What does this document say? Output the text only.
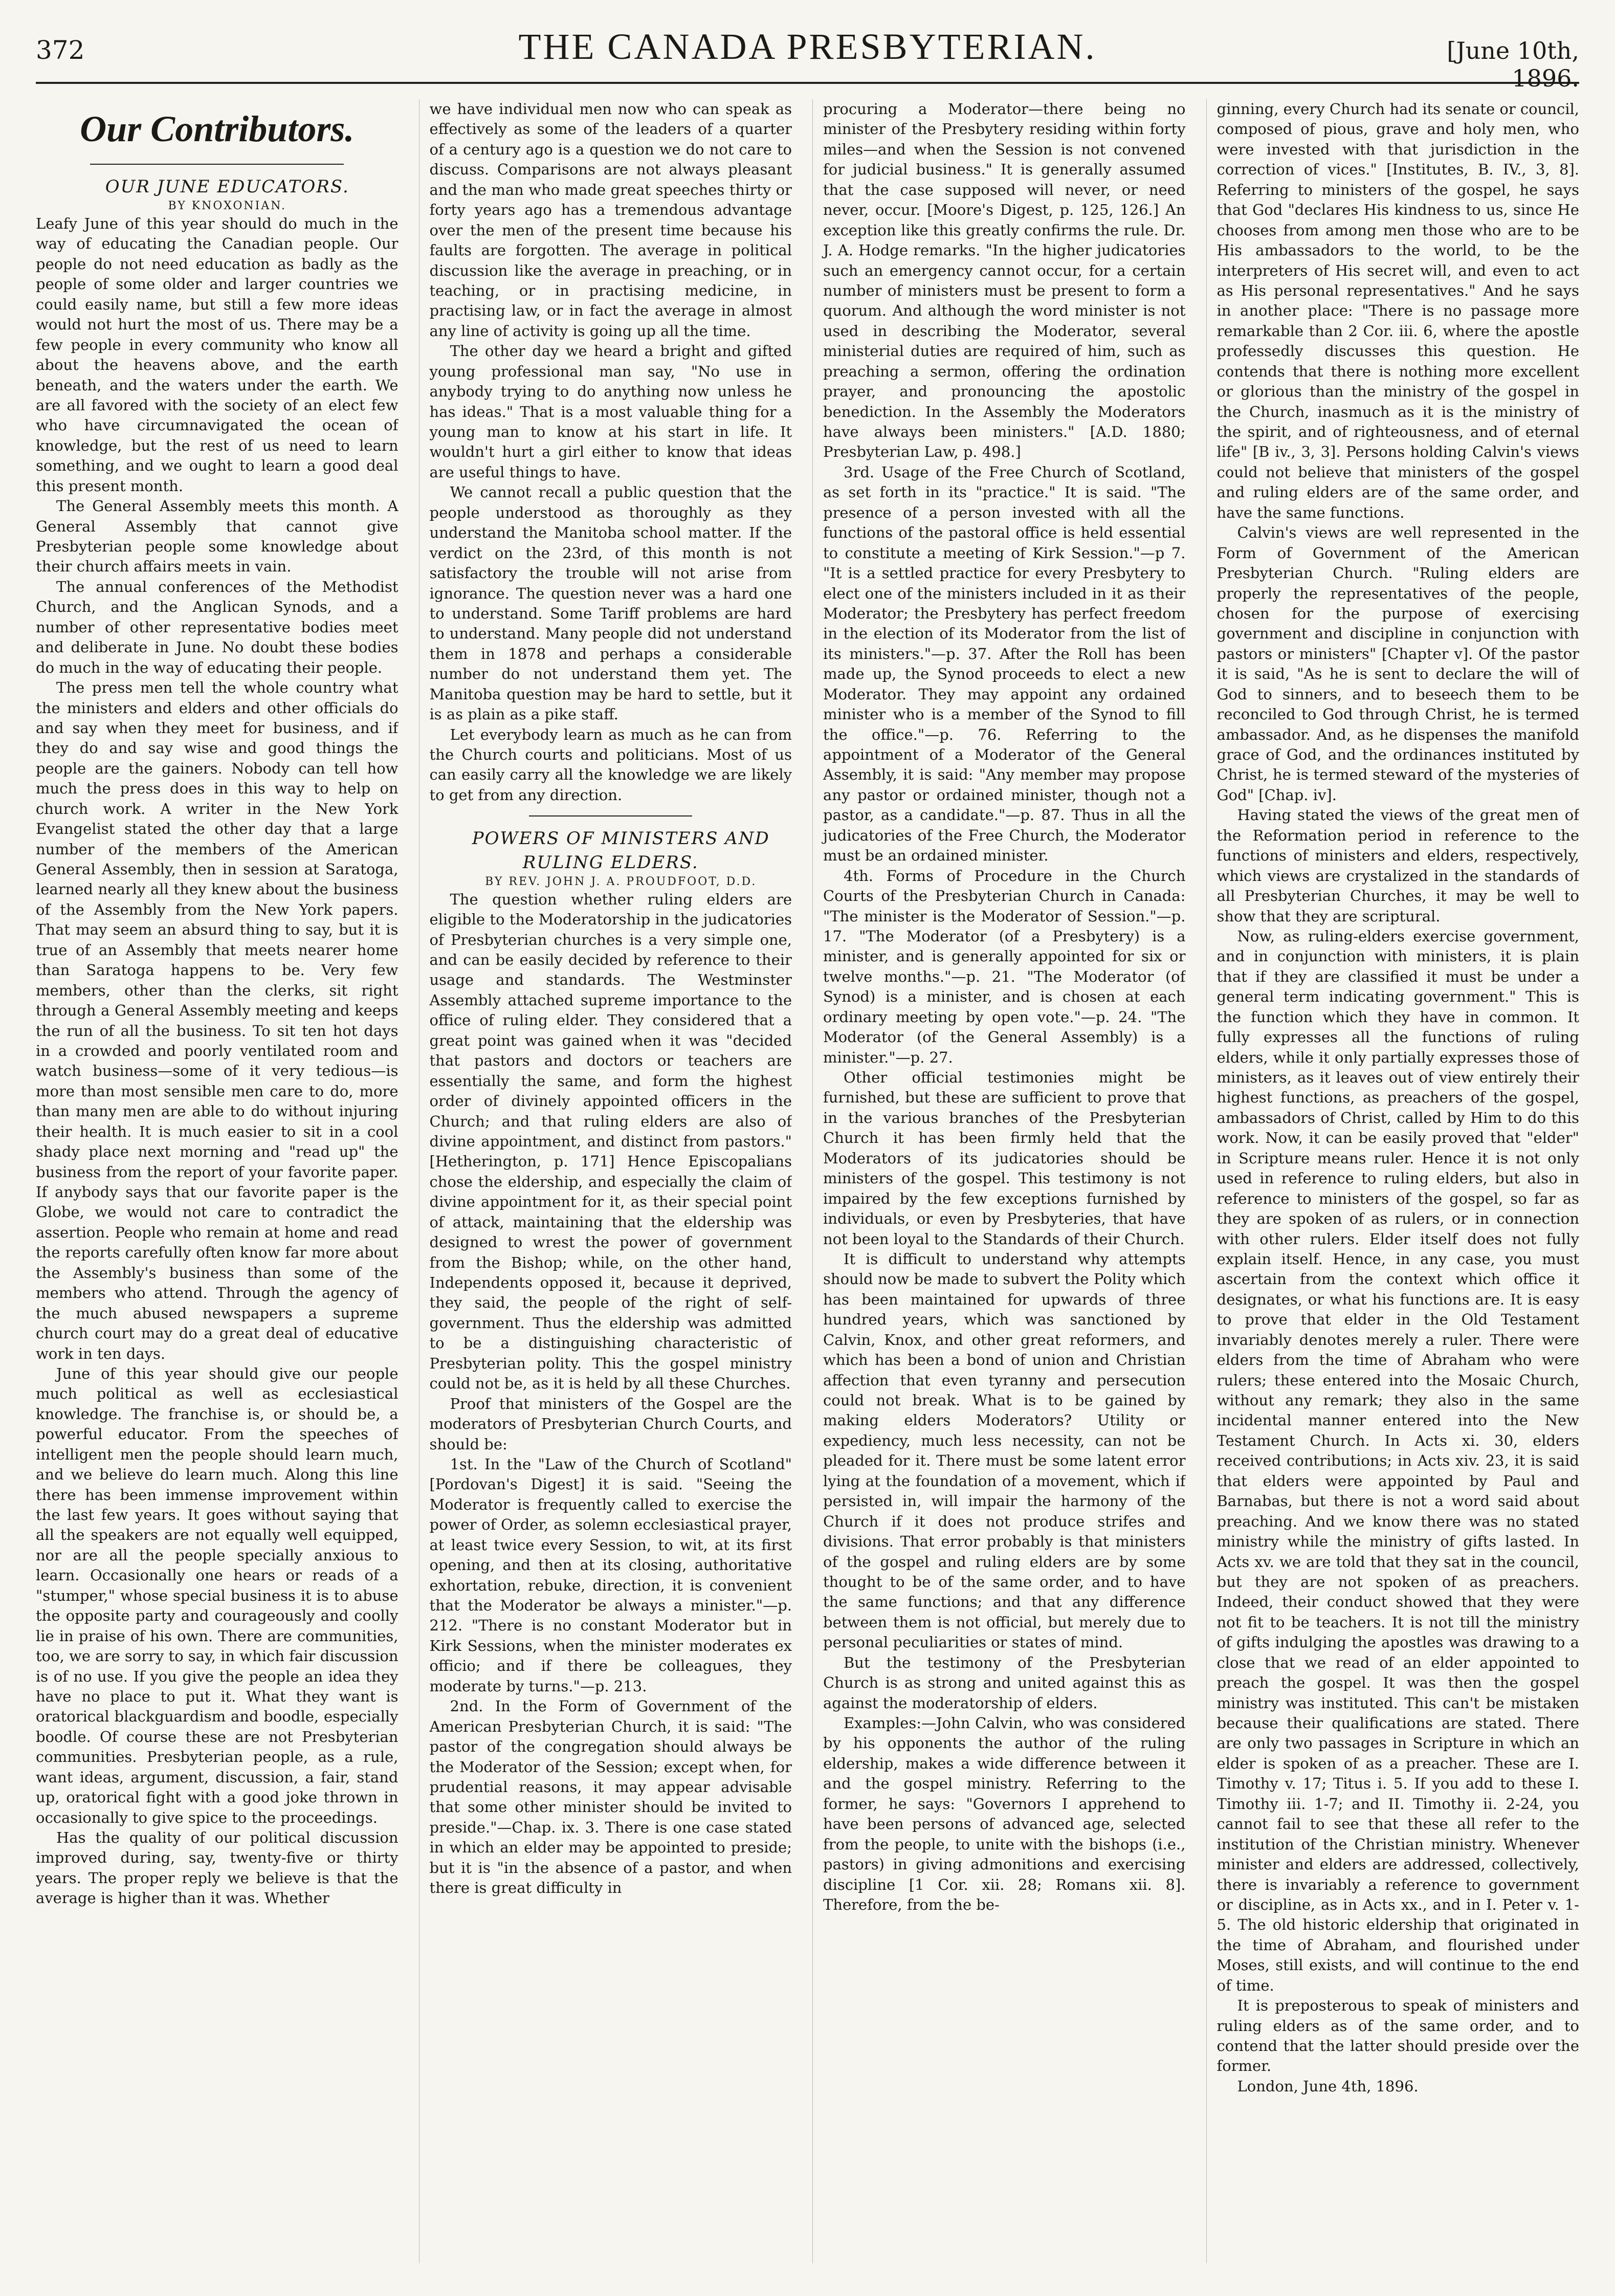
372	THE CANADA PRESBYTERIAN.	[June 10th, 1896.
Our Contributors.

OUR JUNE EDUCATORS.

BY KNOXONIAN.

Leafy June of this year should do much in the way of educating the Canadian people. Our people do not need education as badly as the people of some older and larger countries we could easily name, but still a few more ideas would not hurt the most of us. There may be a few people in every community who know all about the heavens above, and the earth beneath, and the waters under the earth. We are all favored with the society of an elect few who have circumnavigated the ocean of knowledge, but the rest of us need to learn something, and we ought to learn a good deal this present month.

The General Assembly meets this month. A General Assembly that cannot give Presbyterian people some knowledge about their church affairs meets in vain.

The annual conferences of the Methodist Church, and the Anglican Synods, and a number of other representative bodies meet and deliberate in June. No doubt these bodies do much in the way of educating their people.

The press men tell the whole country what the ministers and elders and other officials do and say when they meet for business, and if they do and say wise and good things the people are the gainers. Nobody can tell how much the press does in this way to help on church work. A writer in the New York Evangelist stated the other day that a large number of the members of the American General Assembly, then in session at Saratoga, learned nearly all they knew about the business of the Assembly from the New York papers. That may seem an absurd thing to say, but it is true of an Assembly that meets nearer home than Saratoga happens to be. Very few members, other than the clerks, sit right through a General Assembly meeting and keeps the run of all the business. To sit ten hot days in a crowded and poorly ventilated room and watch business—some of it very tedious—is more than most sensible men care to do, more than many men are able to do without injuring their health. It is much easier to sit in a cool shady place next morning and "read up" the business from the report of your favorite paper. If anybody says that our favorite paper is the Globe, we would not care to contradict the assertion. People who remain at home and read the reports carefully often know far more about the Assembly's business than some of the members who attend. Through the agency of the much abused newspapers a supreme church court may do a great deal of educative work in ten days.

June of this year should give our people much political as well as ecclesiastical knowledge. The franchise is, or should be, a powerful educator. From the speeches of intelligent men the people should learn much, and we believe do learn much. Along this line there has been immense improvement within the last few years. It goes without saying that all the speakers are not equally well equipped, nor are all the people specially anxious to learn. Occasionally one hears or reads of a "stumper," whose special business it is to abuse the opposite party and courageously and coolly lie in praise of his own. There are communities, too, we are sorry to say, in which fair discussion is of no use. If you give the people an idea they have no place to put it. What they want is oratorical blackguardism and boodle, especially boodle. Of course these are not Presbyterian communities. Presbyterian people, as a rule, want ideas, argument, discussion, a fair, stand up, oratorical fight with a good joke thrown in occasionally to give spice to the proceedings.

Has the quality of our political discussion improved during, say, twenty-five or thirty years. The proper reply we believe is that the average is higher than it was. Whether

we have individual men now who can speak as effectively as some of the leaders of a quarter of a century ago is a question we do not care to discuss. Comparisons are not always pleasant and the man who made great speeches thirty or forty years ago has a tremendous advantage over the men of the present time because his faults are forgotten. The average in political discussion like the average in preaching, or in teaching, or in practising medicine, in practising law, or in fact the average in almost any line of activity is going up all the time.

The other day we heard a bright and gifted young professional man say, "No use in anybody trying to do anything now unless he has ideas." That is a most valuable thing for a young man to know at his start in life. It wouldn't hurt a girl either to know that ideas are useful things to have.

We cannot recall a public question that the people understood as thoroughly as they understand the Manitoba school matter. If the verdict on the 23rd, of this month is not satisfactory the trouble will not arise from ignorance. The question never was a hard one to understand. Some Tariff problems are hard to understand. Many people did not understand them in 1878 and perhaps a considerable number do not understand them yet. The Manitoba question may be hard to settle, but it is as plain as a pike staff.

Let everybody learn as much as he can from the Church courts and politicians. Most of us can easily carry all the knowledge we are likely to get from any direction.

POWERS OF MINISTERS AND RULING ELDERS.

BY REV. JOHN J. A. PROUDFOOT, D.D.

The question whether ruling elders are eligible to the Moderatorship in the judicatories of Presbyterian churches is a very simple one, and can be easily decided by reference to their usage and standards. The Westminster Assembly attached supreme importance to the office of ruling elder. They considered that a great point was gained when it was "decided that pastors and doctors or teachers are essentially the same, and form the highest order of divinely appointed officers in the Church; and that ruling elders are also of divine appointment, and distinct from pastors." [Hetherington, p. 171] Hence Episcopalians chose the eldership, and especially the claim of divine appointment for it, as their special point of attack, maintaining that the eldership was designed to wrest the power of government from the Bishop; while, on the other hand, Independents opposed it, because it deprived, they said, the people of the right of self-government. Thus the eldership was admitted to be a distinguishing characteristic of Presbyterian polity. This the gospel ministry could not be, as it is held by all these Churches.

Proof that ministers of the Gospel are the moderators of Presbyterian Church Courts, and should be:

1st. In the "Law of the Church of Scotland" [Pordovan's Digest] it is said. "Seeing the Moderator is frequently called to exercise the power of Order, as solemn ecclesiastical prayer, at least twice every Session, to wit, at its first opening, and then at its closing, authoritative exhortation, rebuke, direction, it is convenient that the Moderator be always a minister."—p. 212. "There is no constant Moderator but in Kirk Sessions, when the minister moderates ex officio; and if there be colleagues, they moderate by turns."—p. 213.

2nd. In the Form of Government of the American Presbyterian Church, it is said: "The pastor of the congregation should always be the Moderator of the Session; except when, for prudential reasons, it may appear advisable that some other minister should be invited to preside."—Chap. ix. 3. There is one case stated in which an elder may be appointed to preside; but it is "in the absence of a pastor, and when there is great difficulty in

procuring a Moderator—there being no minister of the Presbytery residing within forty miles—and when the Session is not convened for judicial business." It is generally assumed that the case supposed will never, or need never, occur. [Moore's Digest, p. 125, 126.] An exception like this greatly confirms the rule. Dr. J. A. Hodge remarks. "In the higher judicatories such an emergency cannot occur, for a certain number of ministers must be present to form a quorum. And although the word minister is not used in describing the Moderator, several ministerial duties are required of him, such as preaching a sermon, offering the ordination prayer, and pronouncing the apostolic benediction. In the Assembly the Moderators have always been ministers." [A.D. 1880; Presbyterian Law, p. 498.]

3rd. Usage of the Free Church of Scotland, as set forth in its "practice." It is said. "The presence of a person invested with all the functions of the pastoral office is held essential to constitute a meeting of Kirk Session."—p 7. "It is a settled practice for every Presbytery to elect one of the ministers included in it as their Moderator; the Presbytery has perfect freedom in the election of its Moderator from the list of its ministers."—p. 37. After the Roll has been made up, the Synod proceeds to elect a new Moderator. They may appoint any ordained minister who is a member of the Synod to fill the office."—p. 76. Referring to the appointment of a Moderator of the General Assembly, it is said: "Any member may propose any pastor or ordained minister, though not a pastor, as a candidate."—p. 87. Thus in all the judicatories of the Free Church, the Moderator must be an ordained minister.

4th. Forms of Procedure in the Church Courts of the Presbyterian Church in Canada: "The minister is the Moderator of Session."—p. 17. "The Moderator (of a Presbytery) is a minister, and is generally appointed for six or twelve months."—p. 21. "The Moderator (of Synod) is a minister, and is chosen at each ordinary meeting by open vote."—p. 24. "The Moderator (of the General Assembly) is a minister."—p. 27.

Other official testimonies might be furnished, but these are sufficient to prove that in the various branches of the Presbyterian Church it has been firmly held that the Moderators of its judicatories should be ministers of the gospel. This testimony is not impaired by the few exceptions furnished by individuals, or even by Presbyteries, that have not been loyal to the Standards of their Church.

It is difficult to understand why attempts should now be made to subvert the Polity which has been maintained for upwards of three hundred years, which was sanctioned by Calvin, Knox, and other great reformers, and which has been a bond of union and Christian affection that even tyranny and persecution could not break. What is to be gained by making elders Moderators? Utility or expediency, much less necessity, can not be pleaded for it. There must be some latent error lying at the foundation of a movement, which if persisted in, will impair the harmony of the Church if it does not produce strifes and divisions. That error probably is that ministers of the gospel and ruling elders are by some thought to be of the same order, and to have the same functions; and that any difference between them is not official, but merely due to personal peculiarities or states of mind.

But the testimony of the Presbyterian Church is as strong and united against this as against the moderatorship of elders.

Examples:—John Calvin, who was considered by his opponents the author of the ruling eldership, makes a wide difference between it and the gospel ministry. Referring to the former, he says: "Governors I apprehend to have been persons of advanced age, selected from the people, to unite with the bishops (i.e., pastors) in giving admonitions and exercising discipline [1 Cor. xii. 28; Romans xii. 8]. Therefore, from the be-

ginning, every Church had its senate or council, composed of pious, grave and holy men, who were invested with that jurisdiction in the correction of vices." [Institutes, B. IV., 3, 8]. Referring to ministers of the gospel, he says that God "declares His kindness to us, since He chooses from among men those who are to be His ambassadors to the world, to be the interpreters of His secret will, and even to act as His personal representatives." And he says in another place: "There is no passage more remarkable than 2 Cor. iii. 6, where the apostle professedly discusses this question. He contends that there is nothing more excellent or glorious than the ministry of the gospel in the Church, inasmuch as it is the ministry of the spirit, and of righteousness, and of eternal life" [B iv., 3, 3]. Persons holding Calvin's views could not believe that ministers of the gospel and ruling elders are of the same order, and have the same functions.

Calvin's views are well represented in the Form of Government of the American Presbyterian Church. "Ruling elders are properly the representatives of the people, chosen for the purpose of exercising government and discipline in conjunction with pastors or ministers" [Chapter v]. Of the pastor it is said, "As he is sent to declare the will of God to sinners, and to beseech them to be reconciled to God through Christ, he is termed ambassador. And, as he dispenses the manifold grace of God, and the ordinances instituted by Christ, he is termed steward of the mysteries of God" [Chap. iv].

Having stated the views of the great men of the Reformation period in reference to the functions of ministers and elders, respectively, which views are crystalized in the standards of all Presbyterian Churches, it may be well to show that they are scriptural.

Now, as ruling-elders exercise government, and in conjunction with ministers, it is plain that if they are classified it must be under a general term indicating government." This is the function which they have in common. It fully expresses all the functions of ruling elders, while it only partially expresses those of ministers, as it leaves out of view entirely their highest functions, as preachers of the gospel, ambassadors of Christ, called by Him to do this work. Now, it can be easily proved that "elder" in Scripture means ruler. Hence it is not only used in reference to ruling elders, but also in reference to ministers of the gospel, so far as they are spoken of as rulers, or in connection with other rulers. Elder itself does not fully explain itself. Hence, in any case, you must ascertain from the context which office it designates, or what his functions are. It is easy to prove that elder in the Old Testament invariably denotes merely a ruler. There were elders from the time of Abraham who were rulers; these entered into the Mosaic Church, without any remark; they also in the same incidental manner entered into the New Testament Church. In Acts xi. 30, elders received contributions; in Acts xiv. 23, it is said that elders were appointed by Paul and Barnabas, but there is not a word said about preaching. And we know there was no stated ministry while the ministry of gifts lasted. In Acts xv. we are told that they sat in the council, but they are not spoken of as preachers. Indeed, their conduct showed that they were not fit to be teachers. It is not till the ministry of gifts indulging the apostles was drawing to a close that we read of an elder appointed to preach the gospel. It was then the gospel ministry was instituted. This can't be mistaken because their qualifications are stated. There are only two passages in Scripture in which an elder is spoken of as a preacher. These are I. Timothy v. 17; Titus i. 5. If you add to these I. Timothy iii. 1-7; and II. Timothy ii. 2-24, you cannot fail to see that these all refer to the institution of the Christian ministry. Whenever minister and elders are addressed, collectively, there is invariably a reference to government or discipline, as in Acts xx., and in I. Peter v. 1-5. The old historic eldership that originated in the time of Abraham, and flourished under Moses, still exists, and will continue to the end of time.

It is preposterous to speak of ministers and ruling elders as of the same order, and to contend that the latter should preside over the former.

London, June 4th, 1896.
